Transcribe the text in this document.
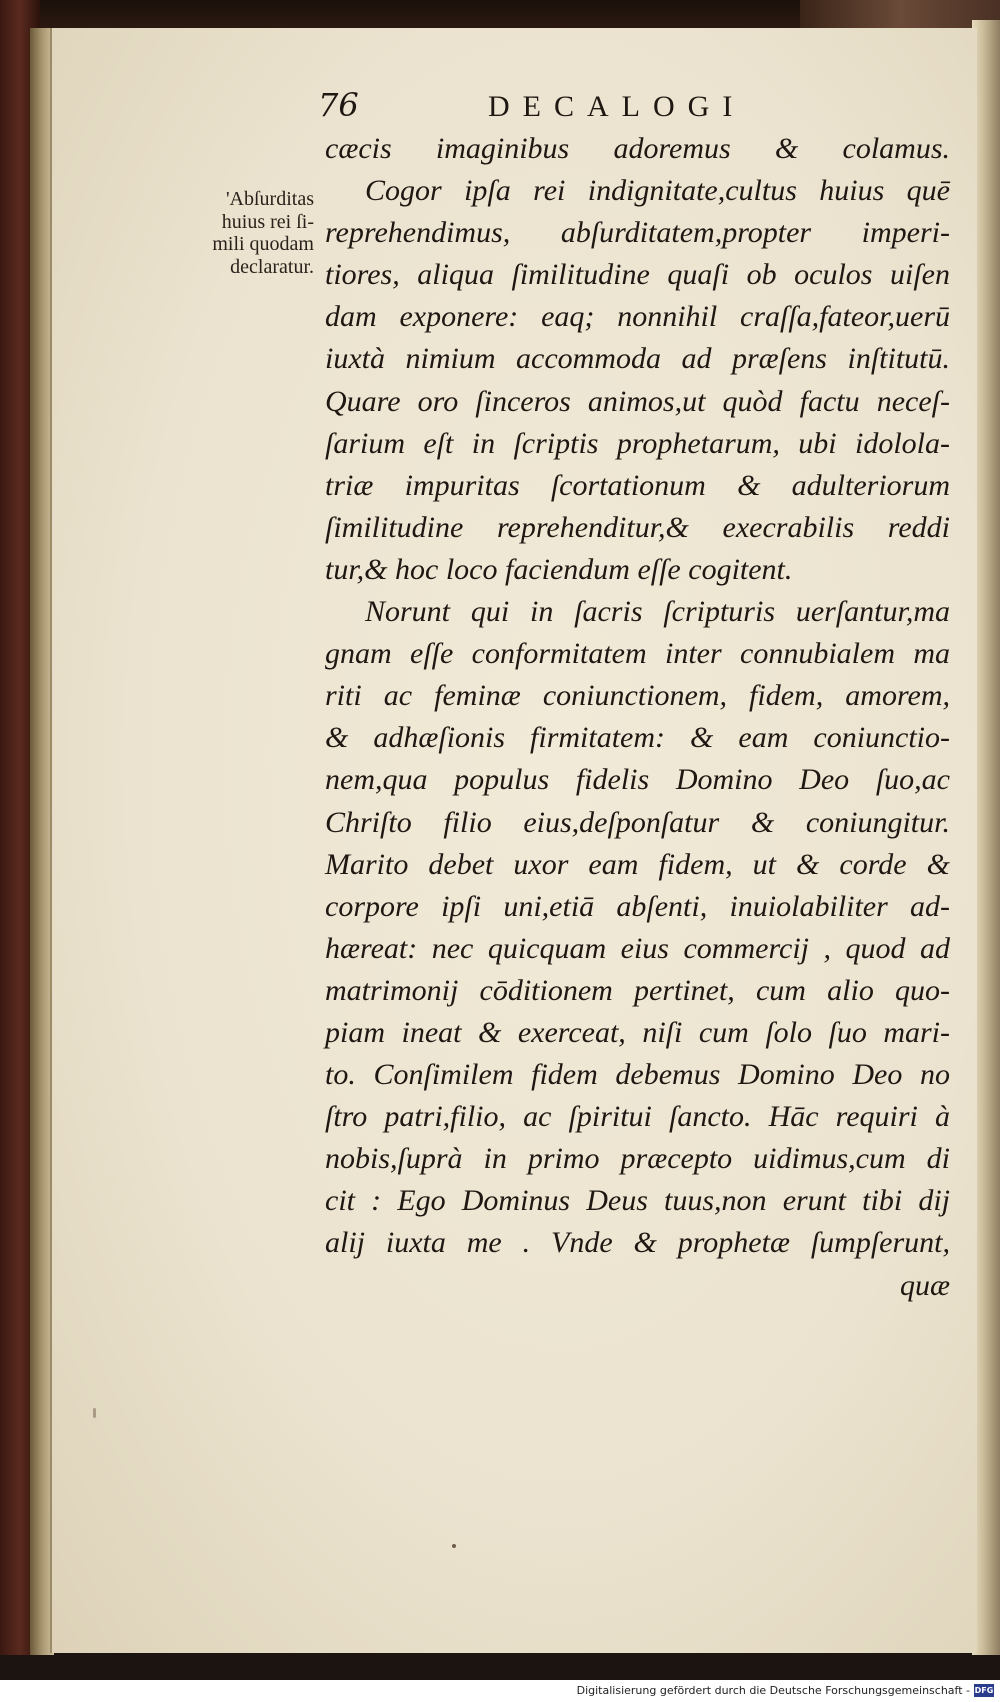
76	DECALOGI
'Abſurditas
huius rei ſi-
mili quodam
declaratur.
cæcis imaginibus adoremus & colamus.
Cogor ipſa rei indignitate,cultus huius quē
reprehendimus, abſurditatem,propter imperi-
tiores, aliqua ſimilitudine quaſi ob oculos uiſen
dam exponere: eaq; nonnihil craſſa,fateor,uerū
iuxtà nimium accommoda ad præſens inſtitutū.
Quare oro ſinceros animos,ut quòd factu neceſ-
ſarium eſt in ſcriptis prophetarum, ubi idolola-
triæ impuritas ſcortationum & adulteriorum
ſimilitudine reprehenditur,& execrabilis reddi
tur,& hoc loco faciendum eſſe cogitent.
Norunt qui in ſacris ſcripturis uerſantur,ma
gnam eſſe conformitatem inter connubialem ma
riti ac feminæ coniunctionem, fidem, amorem,
& adhæſionis firmitatem: & eam coniunctio-
nem,qua populus fidelis Domino Deo ſuo,ac
Chriſto filio eius,deſponſatur & coniungitur.
Marito debet uxor eam fidem, ut & corde &
corpore ipſi uni,etiā abſenti, inuiolabiliter ad-
hæreat: nec quicquam eius commercij , quod ad
matrimonij cōditionem pertinet, cum alio quo-
piam ineat & exerceat, niſi cum ſolo ſuo mari-
to. Conſimilem fidem debemus Domino Deo no
ſtro patri,filio, ac ſpiritui ſancto. Hāc requiri à
nobis,ſuprà in primo præcepto uidimus,cum di
cit : Ego Dominus Deus tuus,non erunt tibi dij
alij iuxta me . Vnde & prophetæ ſumpſerunt,
quæ
Digitalisierung gefördert durch die Deutsche Forschungsgemeinschaft - DFG
